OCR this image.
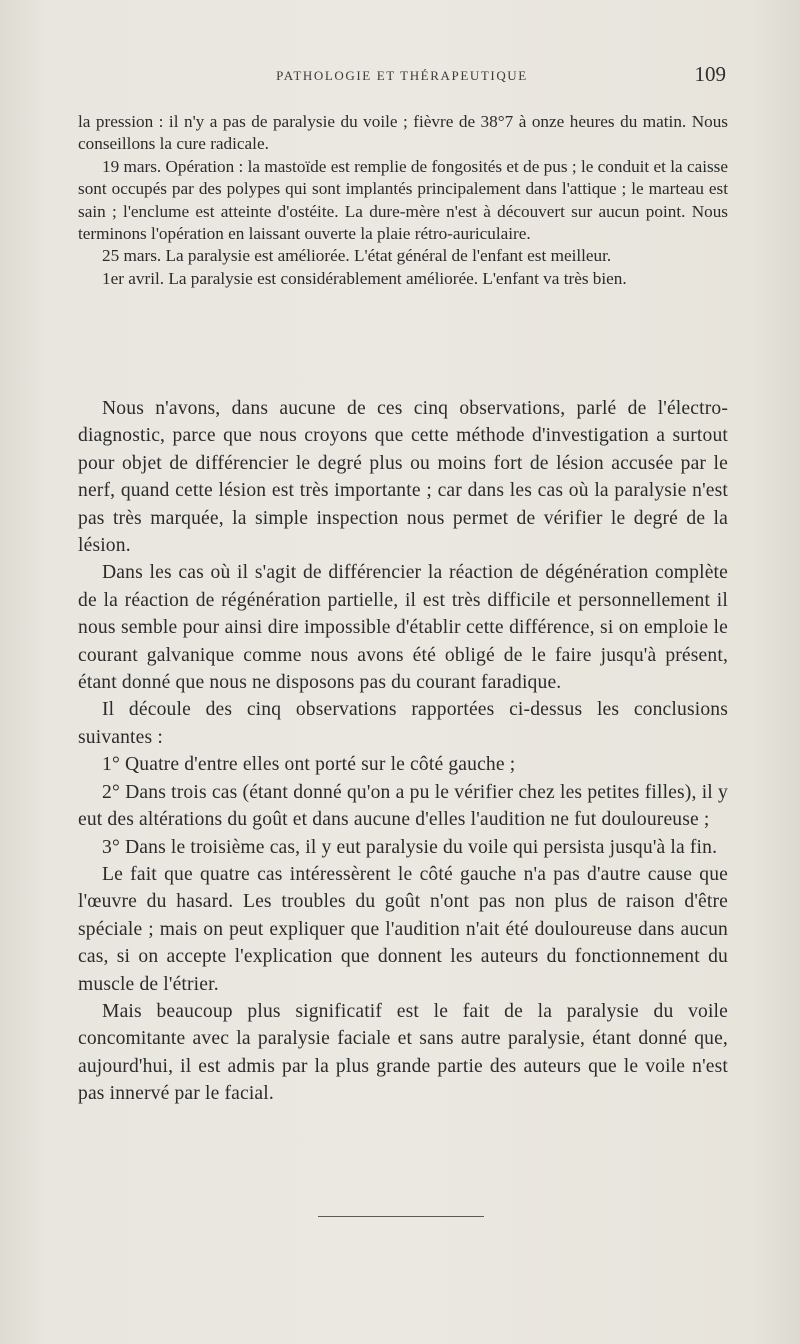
PATHOLOGIE ET THÉRAPEUTIQUE	109

la pression : il n'y a pas de paralysie du voile ; fièvre de 38°7 à onze heures du matin. Nous conseillons la cure radicale.

19 mars. Opération : la mastoïde est remplie de fongosités et de pus ; le conduit et la caisse sont occupés par des polypes qui sont implantés principalement dans l'attique ; le marteau est sain ; l'enclume est atteinte d'ostéite. La dure-mère n'est à découvert sur aucun point. Nous terminons l'opération en laissant ouverte la plaie rétro-auriculaire.

25 mars. La paralysie est améliorée. L'état général de l'enfant est meilleur.

1er avril. La paralysie est considérablement améliorée. L'enfant va très bien.

Nous n'avons, dans aucune de ces cinq observations, parlé de l'électro-diagnostic, parce que nous croyons que cette méthode d'investigation a surtout pour objet de différencier le degré plus ou moins fort de lésion accusée par le nerf, quand cette lésion est très importante ; car dans les cas où la paralysie n'est pas très marquée, la simple inspection nous permet de vérifier le degré de la lésion.

Dans les cas où il s'agit de différencier la réaction de dégénération complète de la réaction de régénération partielle, il est très difficile et personnellement il nous semble pour ainsi dire impossible d'établir cette différence, si on emploie le courant galvanique comme nous avons été obligé de le faire jusqu'à présent, étant donné que nous ne disposons pas du courant faradique.

Il découle des cinq observations rapportées ci-dessus les conclusions suivantes :

1° Quatre d'entre elles ont porté sur le côté gauche ;

2° Dans trois cas (étant donné qu'on a pu le vérifier chez les petites filles), il y eut des altérations du goût et dans aucune d'elles l'audition ne fut douloureuse ;

3° Dans le troisième cas, il y eut paralysie du voile qui persista jusqu'à la fin.

Le fait que quatre cas intéressèrent le côté gauche n'a pas d'autre cause que l'œuvre du hasard. Les troubles du goût n'ont pas non plus de raison d'être spéciale ; mais on peut expliquer que l'audition n'ait été douloureuse dans aucun cas, si on accepte l'explication que donnent les auteurs du fonctionnement du muscle de l'étrier.

Mais beaucoup plus significatif est le fait de la paralysie du voile concomitante avec la paralysie faciale et sans autre paralysie, étant donné que, aujourd'hui, il est admis par la plus grande partie des auteurs que le voile n'est pas innervé par le facial.
